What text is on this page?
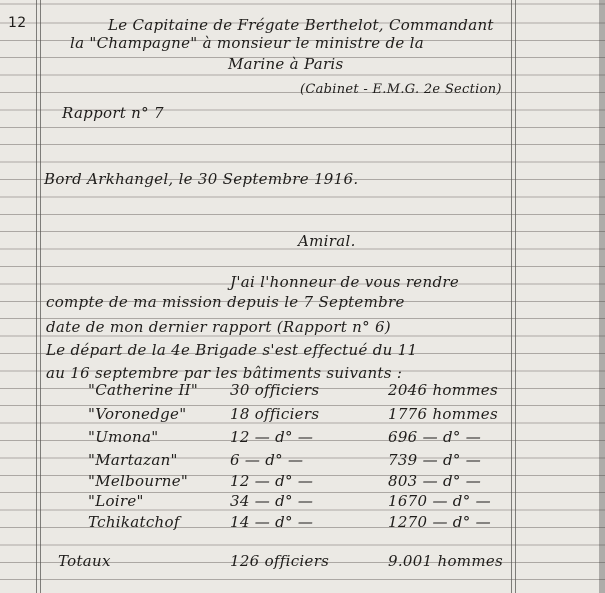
12	Le Capitaine de Frégate Berthelot, Commandant
la "Champagne" à monsieur le ministre de la
Marine à Paris
(Cabinet - E.M.G. 2e Section)
Rapport n° 7
Bord Arkhangel, le 30 Septembre 1916.
Amiral.
J'ai l'honneur de vous rendre
compte de ma mission depuis le 7 Septembre
date de mon dernier rapport (Rapport n° 6)
Le départ de la 4e Brigade s'est effectué du 11
au 16 septembre par les bâtiments suivants :
"Catherine II" 30 officiers	2046 hommes
"Voronedge"	18 officiers	1776 hommes
"Umona"	12 — d° —	696 — d° —
"Martazan"	6 — d° —	739 — d° —
"Melbourne"	12 — d° —	803 — d° —
"Loire"	34 — d° —	1670 — d° —
Tchikatchof	14 — d° —	1270 — d° —
Totaux	126 officiers	9.001 hommes
